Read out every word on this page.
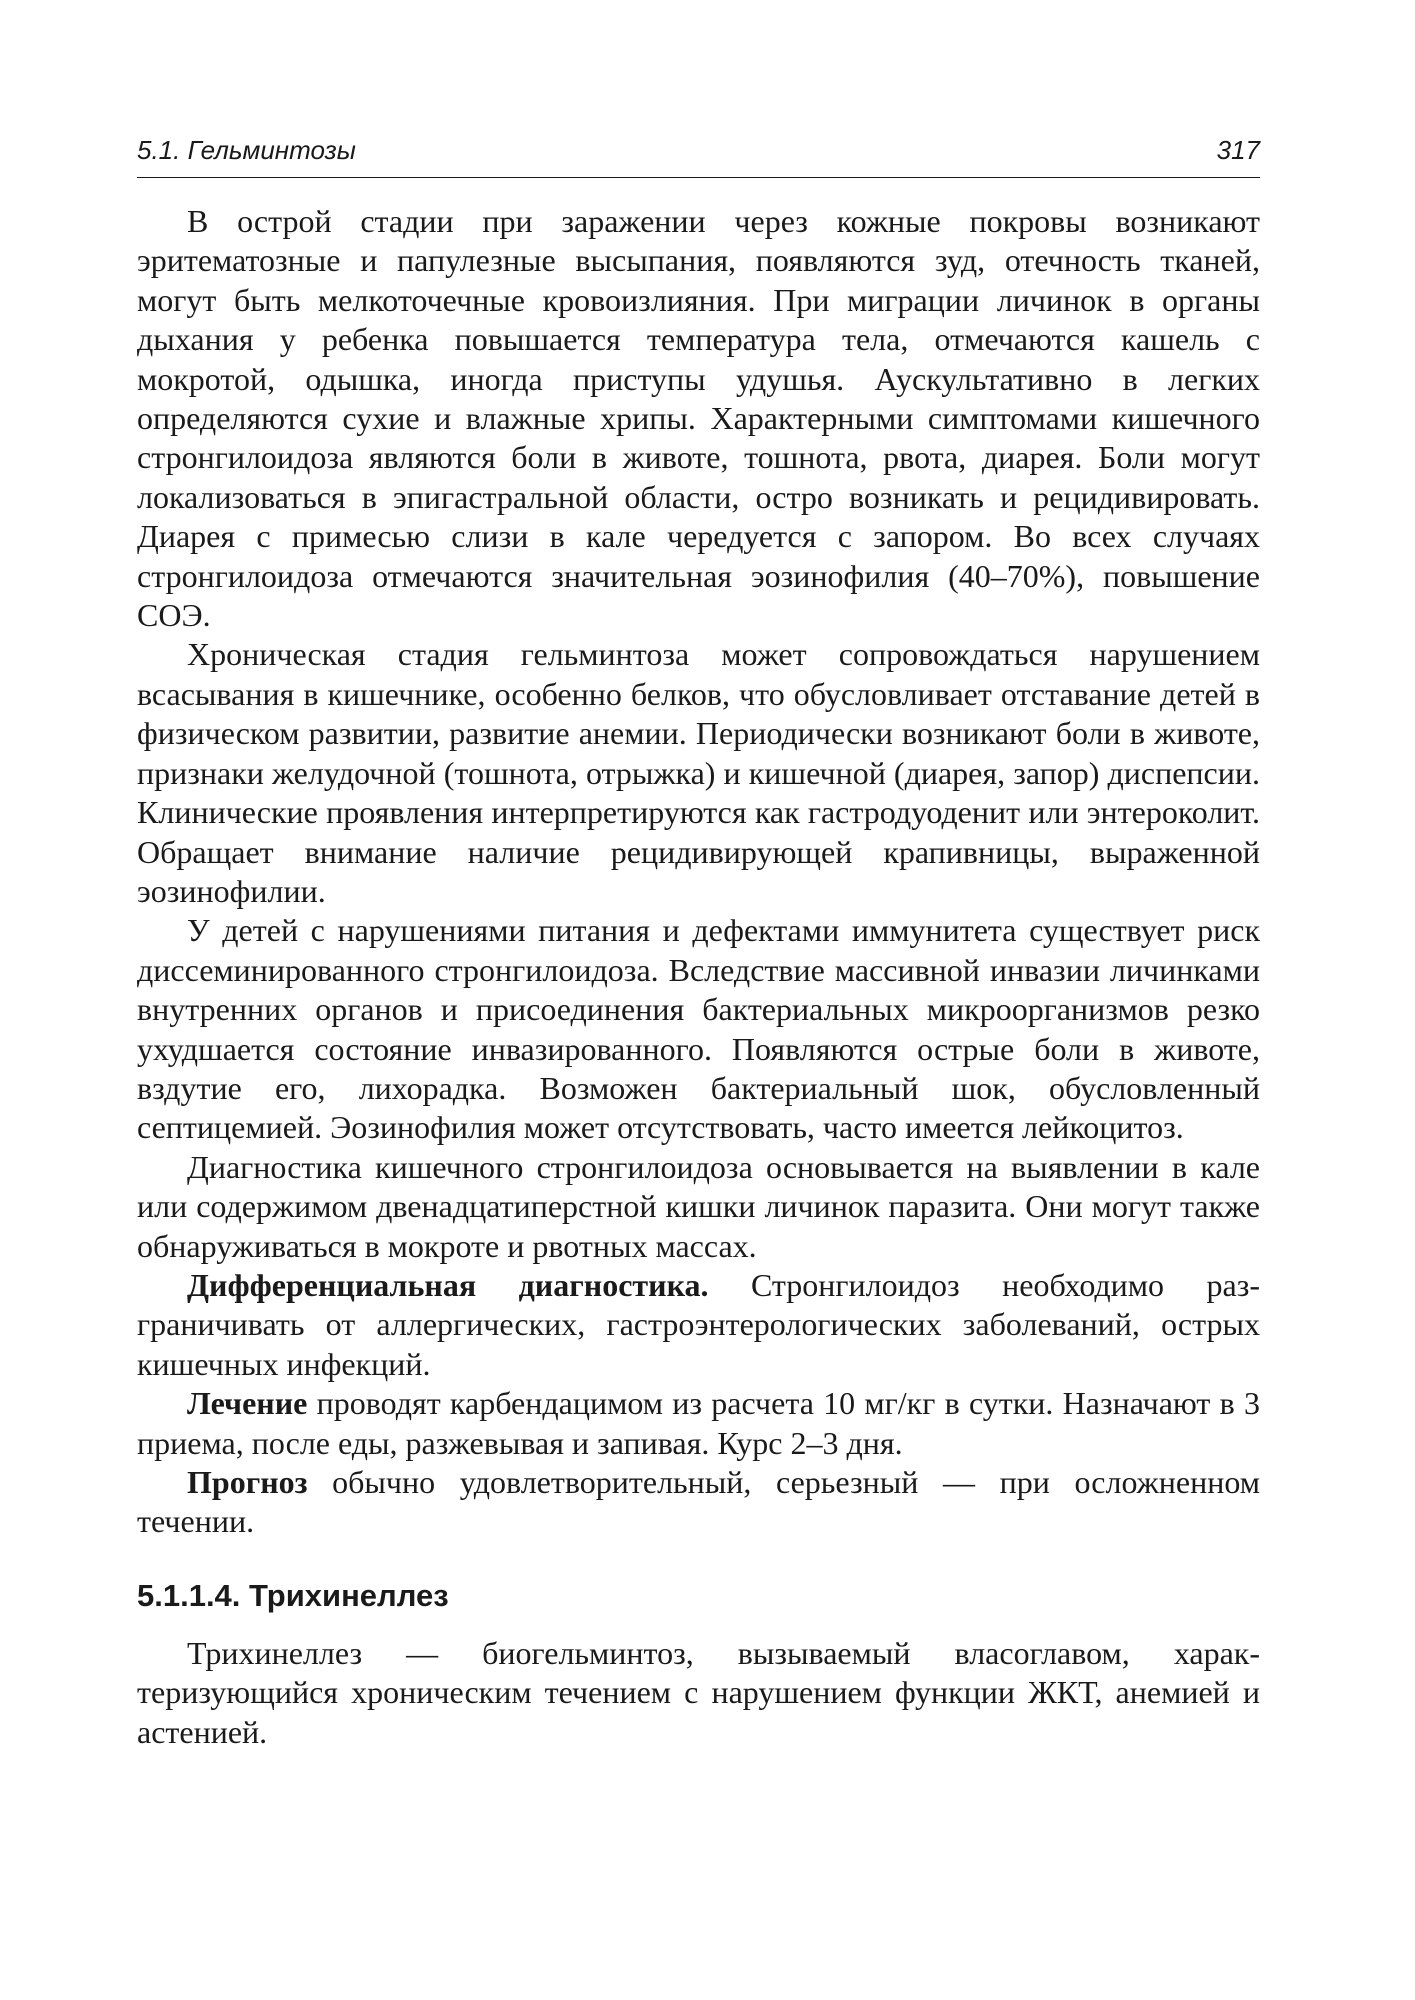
5.1. Гельминтозы	317

В острой стадии при заражении через кожные покровы возникают эритематозные и папулезные высыпания, появляются зуд, отечность тканей, могут быть мелкоточечные кровоизлияния. При миграции личинок в органы дыхания у ребенка повышается температура тела, отмечаются кашель с мокротой, одышка, иногда приступы удушья. Аускультативно в легких определяются сухие и влажные хрипы. Характерными симптомами кишечного стронгилоидоза являются боли в животе, тошнота, рвота, диарея. Боли могут локализоваться в эпигастральной области, остро возникать и рецидивировать. Диарея с примесью слизи в кале чередуется с запором. Во всех случаях стронгилоидоза отмечаются значительная эозинофилия (40–70%), повышение СОЭ.

Хроническая стадия гельминтоза может сопровождаться нарушением всасывания в кишечнике, особенно белков, что обусловливает отставание детей в физическом развитии, развитие анемии. Периодически возникают боли в животе, признаки желудочной (тошнота, отрыжка) и кишечной (диарея, запор) диспепсии. Клинические проявления интерпретируются как гастродуоденит или энтероколит. Обращает внимание наличие рецидивирующей крапивницы, выраженной эозинофилии.

У детей с нарушениями питания и дефектами иммунитета существует риск диссеминированного стронгилоидоза. Вследствие массивной инвазии личинками внутренних органов и присоединения бактериальных микроорганизмов резко ухудшается состояние инвазированного. Появляются острые боли в животе, вздутие его, лихорадка. Возможен бактериальный шок, обусловленный септицемией. Эозинофилия может отсутствовать, часто имеется лейкоцитоз.

Диагностика кишечного стронгилоидоза основывается на выявлении в кале или содержимом двенадцатиперстной кишки личинок паразита. Они могут также обнаруживаться в мокроте и рвотных массах.

Дифференциальная диагностика. Стронгилоидоз необходимо разграничивать от аллергических, гастроэнтерологических заболеваний, острых кишечных инфекций.

Лечение проводят карбендацимом из расчета 10 мг/кг в сутки. Назначают в 3 приема, после еды, разжевывая и запивая. Курс 2–3 дня.

Прогноз обычно удовлетворительный, серьезный — при осложненном течении.

5.1.1.4. Трихинеллез

Трихинеллез — биогельминтоз, вызываемый власоглавом, характеризующийся хроническим течением с нарушением функции ЖКТ, анемией и астенией.
